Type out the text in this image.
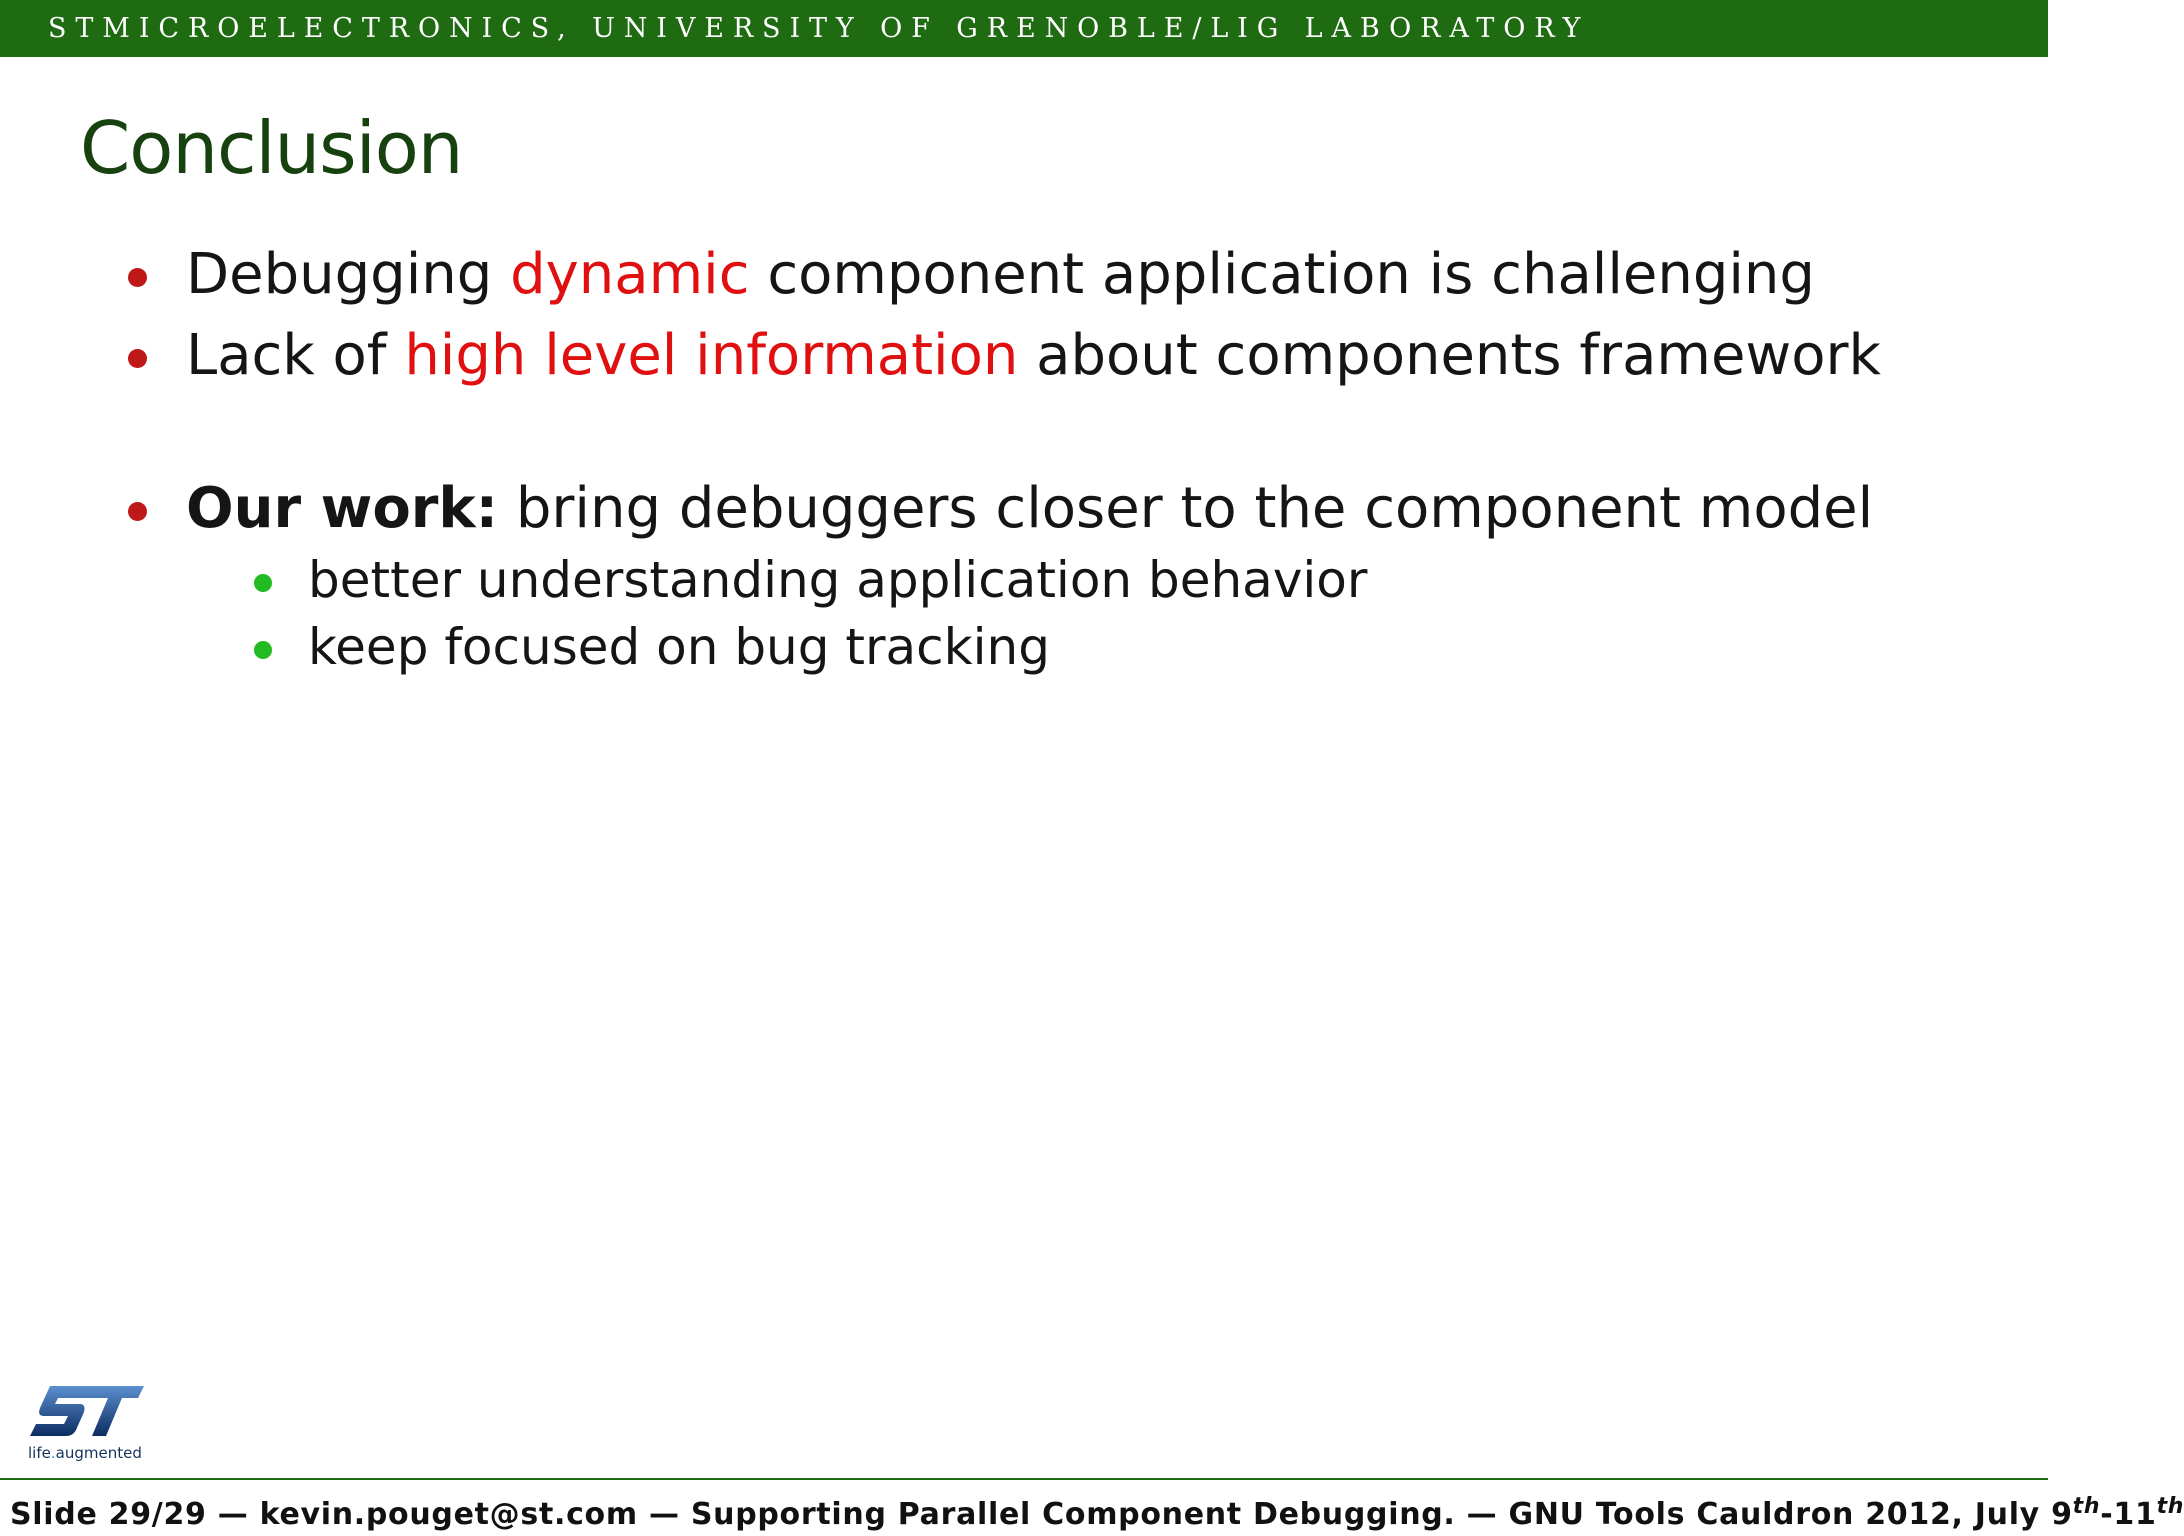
STMICROELECTRONICS, UNIVERSITY OF GRENOBLE/LIG LABORATORY
Conclusion
Debugging dynamic component application is challenging
Lack of high level information about components framework
Our work: bring debuggers closer to the component model
better understanding application behavior
keep focused on bug tracking
life.augmented
Slide 29/29 — kevin.pouget@st.com — Supporting Parallel Component Debugging. — GNU Tools Cauldron 2012, July 9th-11th
